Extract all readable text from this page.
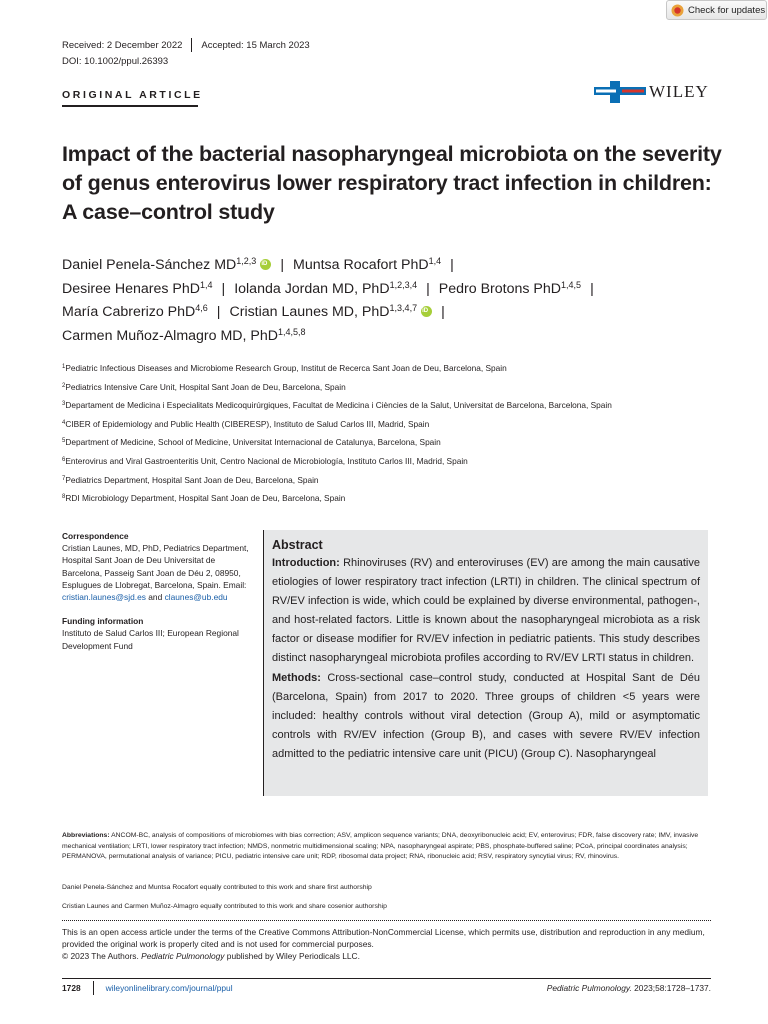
Check for updates
Received: 2 December 2022 Accepted: 15 March 2023
DOI: 10.1002/ppul.26393
ORIGINAL ARTICLE	WILEY
Impact of the bacterial nasopharyngeal microbiota on the severity of genus enterovirus lower respiratory tract infection in children: A case–control study
Daniel Penela-Sánchez MD$^{1,2,3}$ iD | Muntsa Rocafort PhD$^{1,4}$ |
Desiree Henares PhD$^{1,4}$ | Iolanda Jordan MD, PhD$^{1,2,3,4}$ | Pedro Brotons PhD$^{1,4,5}$ |
María Cabrerizo PhD$^{4,6}$ | Cristian Launes MD, PhD$^{1,3,4,7}$ iD |
Carmen Muñoz-Almagro MD, PhD$^{1,4,5,8}$
$^1$Pediatric Infectious Diseases and Microbiome Research Group, Institut de Recerca Sant Joan de Deu, Barcelona, Spain
$^2$Pediatrics Intensive Care Unit, Hospital Sant Joan de Deu, Barcelona, Spain
$^3$Departament de Medicina i Especialitats Medicoquirúrgiques, Facultat de Medicina i Ciències de la Salut, Universitat de Barcelona, Barcelona, Spain
$^4$CIBER of Epidemiology and Public Health (CIBERESP), Instituto de Salud Carlos III, Madrid, Spain
$^5$Department of Medicine, School of Medicine, Universitat Internacional de Catalunya, Barcelona, Spain
$^6$Enterovirus and Viral Gastroenteritis Unit, Centro Nacional de Microbiología, Instituto Carlos III, Madrid, Spain
$^7$Pediatrics Department, Hospital Sant Joan de Deu, Barcelona, Spain
$^8$RDI Microbiology Department, Hospital Sant Joan de Deu, Barcelona, Spain
Correspondence
Cristian Launes, MD, PhD, Pediatrics Department, Hospital Sant Joan de Deu Universitat de Barcelona, Passeig Sant Joan de Déu 2, 08950, Esplugues de Llobregat, Barcelona, Spain. Email: cristian.launes@sjd.es and claunes@ub.edu
Funding information
Instituto de Salud Carlos III; European Regional Development Fund
Abstract

Introduction: Rhinoviruses (RV) and enteroviruses (EV) are among the main causative etiologies of lower respiratory tract infection (LRTI) in children. The clinical spectrum of RV/EV infection is wide, which could be explained by diverse environmental, pathogen-, and host-related factors. Little is known about the nasopharyngeal microbiota as a risk factor or disease modifier for RV/EV infection in pediatric patients. This study describes distinct nasopharyngeal microbiota profiles according to RV/EV LRTI status in children.

Methods: Cross-sectional case–control study, conducted at Hospital Sant de Déu (Barcelona, Spain) from 2017 to 2020. Three groups of children <5 years were included: healthy controls without viral detection (Group A), mild or asymptomatic controls with RV/EV infection (Group B), and cases with severe RV/EV infection admitted to the pediatric intensive care unit (PICU) (Group C). Nasopharyngeal

Abbreviations: ANCOM-BC, analysis of compositions of microbiomes with bias correction; ASV, amplicon sequence variants; DNA, deoxyribonucleic acid; EV, enterovirus; FDR, false discovery rate; IMV, invasive mechanical ventilation; LRTI, lower respiratory tract infection; NMDS, nonmetric multidimensional scaling; NPA, nasopharyngeal aspirate; PBS, phosphate-buffered saline; PCoA, principal coordinates analysis; PERMANOVA, permutational analysis of variance; PICU, pediatric intensive care unit; RDP, ribosomal data project; RNA, ribonucleic acid; RSV, respiratory syncytial virus; RV, rhinovirus.
Daniel Penela-Sánchez and Muntsa Rocafort equally contributed to this work and share first authorship
Cristian Launes and Carmen Muñoz-Almagro equally contributed to this work and share cosenior authorship
This is an open access article under the terms of the Creative Commons Attribution-NonCommercial License, which permits use, distribution and reproduction in any medium, provided the original work is properly cited and is not used for commercial purposes.
© 2023 The Authors. Pediatric Pulmonology published by Wiley Periodicals LLC.
1728	wileyonlinelibrary.com/journal/ppul	Pediatric Pulmonology. 2023;58:1728–1737.
